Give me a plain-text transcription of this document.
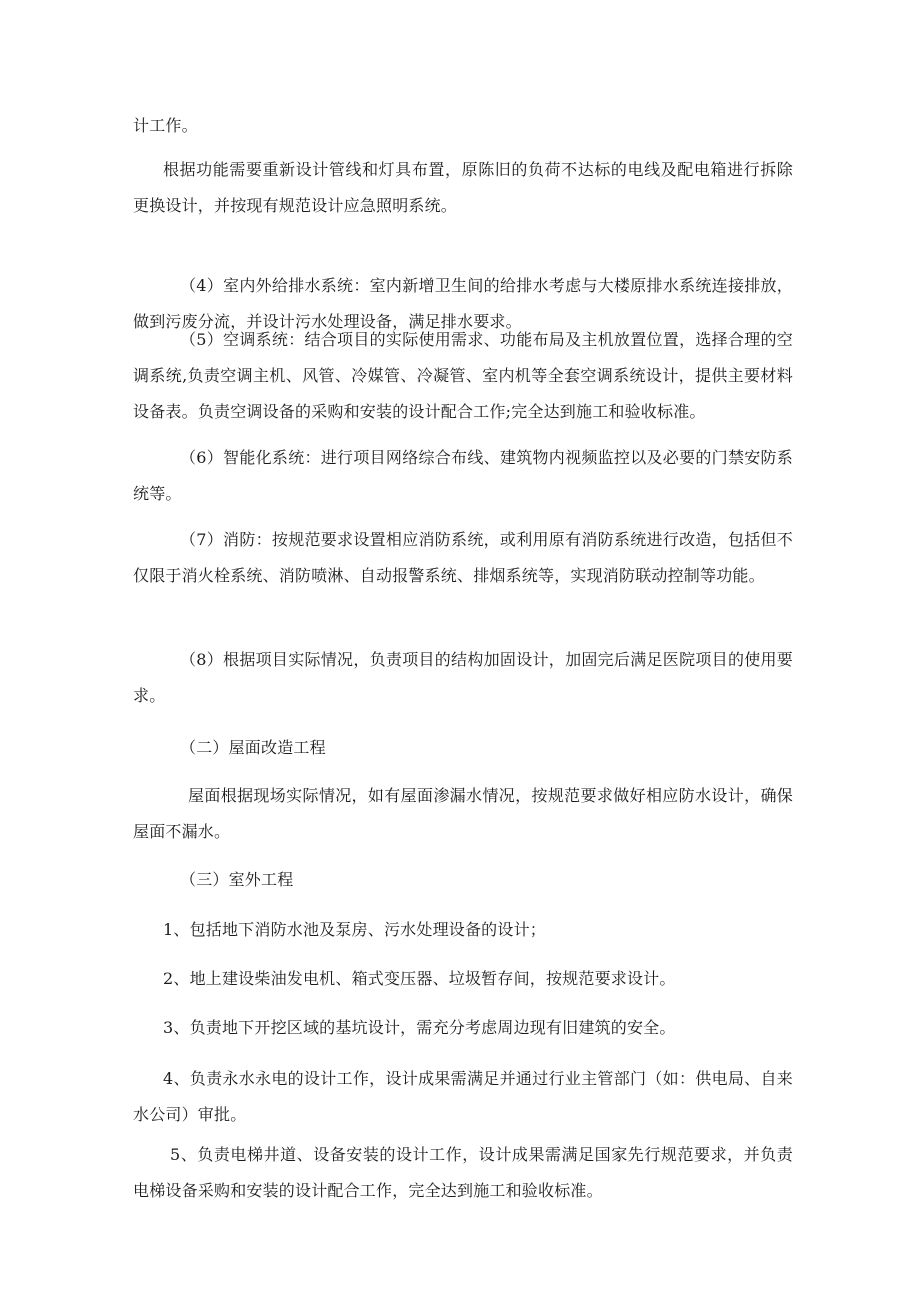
计工作。

根据功能需要重新设计管线和灯具布置，原陈旧的负荷不达标的电线及配电箱进行拆除更换设计，并按现有规范设计应急照明系统。

（4）室内外给排水系统：室内新增卫生间的给排水考虑与大楼原排水系统连接排放，做到污废分流，并设计污水处理设备，满足排水要求。

（5）空调系统：结合项目的实际使用需求、功能布局及主机放置位置，选择合理的空调系统,负责空调主机、风管、冷媒管、冷凝管、室内机等全套空调系统设计，提供主要材料设备表。负责空调设备的采购和安装的设计配合工作;完全达到施工和验收标准。

（6）智能化系统：进行项目网络综合布线、建筑物内视频监控以及必要的门禁安防系统等。

（7）消防：按规范要求设置相应消防系统，或利用原有消防系统进行改造，包括但不仅限于消火栓系统、消防喷淋、自动报警系统、排烟系统等，实现消防联动控制等功能。

（8）根据项目实际情况，负责项目的结构加固设计，加固完后满足医院项目的使用要求。

（二）屋面改造工程

屋面根据现场实际情况，如有屋面渗漏水情况，按规范要求做好相应防水设计，确保屋面不漏水。

（三）室外工程

1、包括地下消防水池及泵房、污水处理设备的设计；

2、地上建设柴油发电机、箱式变压器、垃圾暂存间，按规范要求设计。

3、负责地下开挖区域的基坑设计，需充分考虑周边现有旧建筑的安全。

4、负责永水永电的设计工作，设计成果需满足并通过行业主管部门（如：供电局、自来水公司）审批。

5、负责电梯井道、设备安装的设计工作，设计成果需满足国家先行规范要求，并负责电梯设备采购和安装的设计配合工作，完全达到施工和验收标准。
